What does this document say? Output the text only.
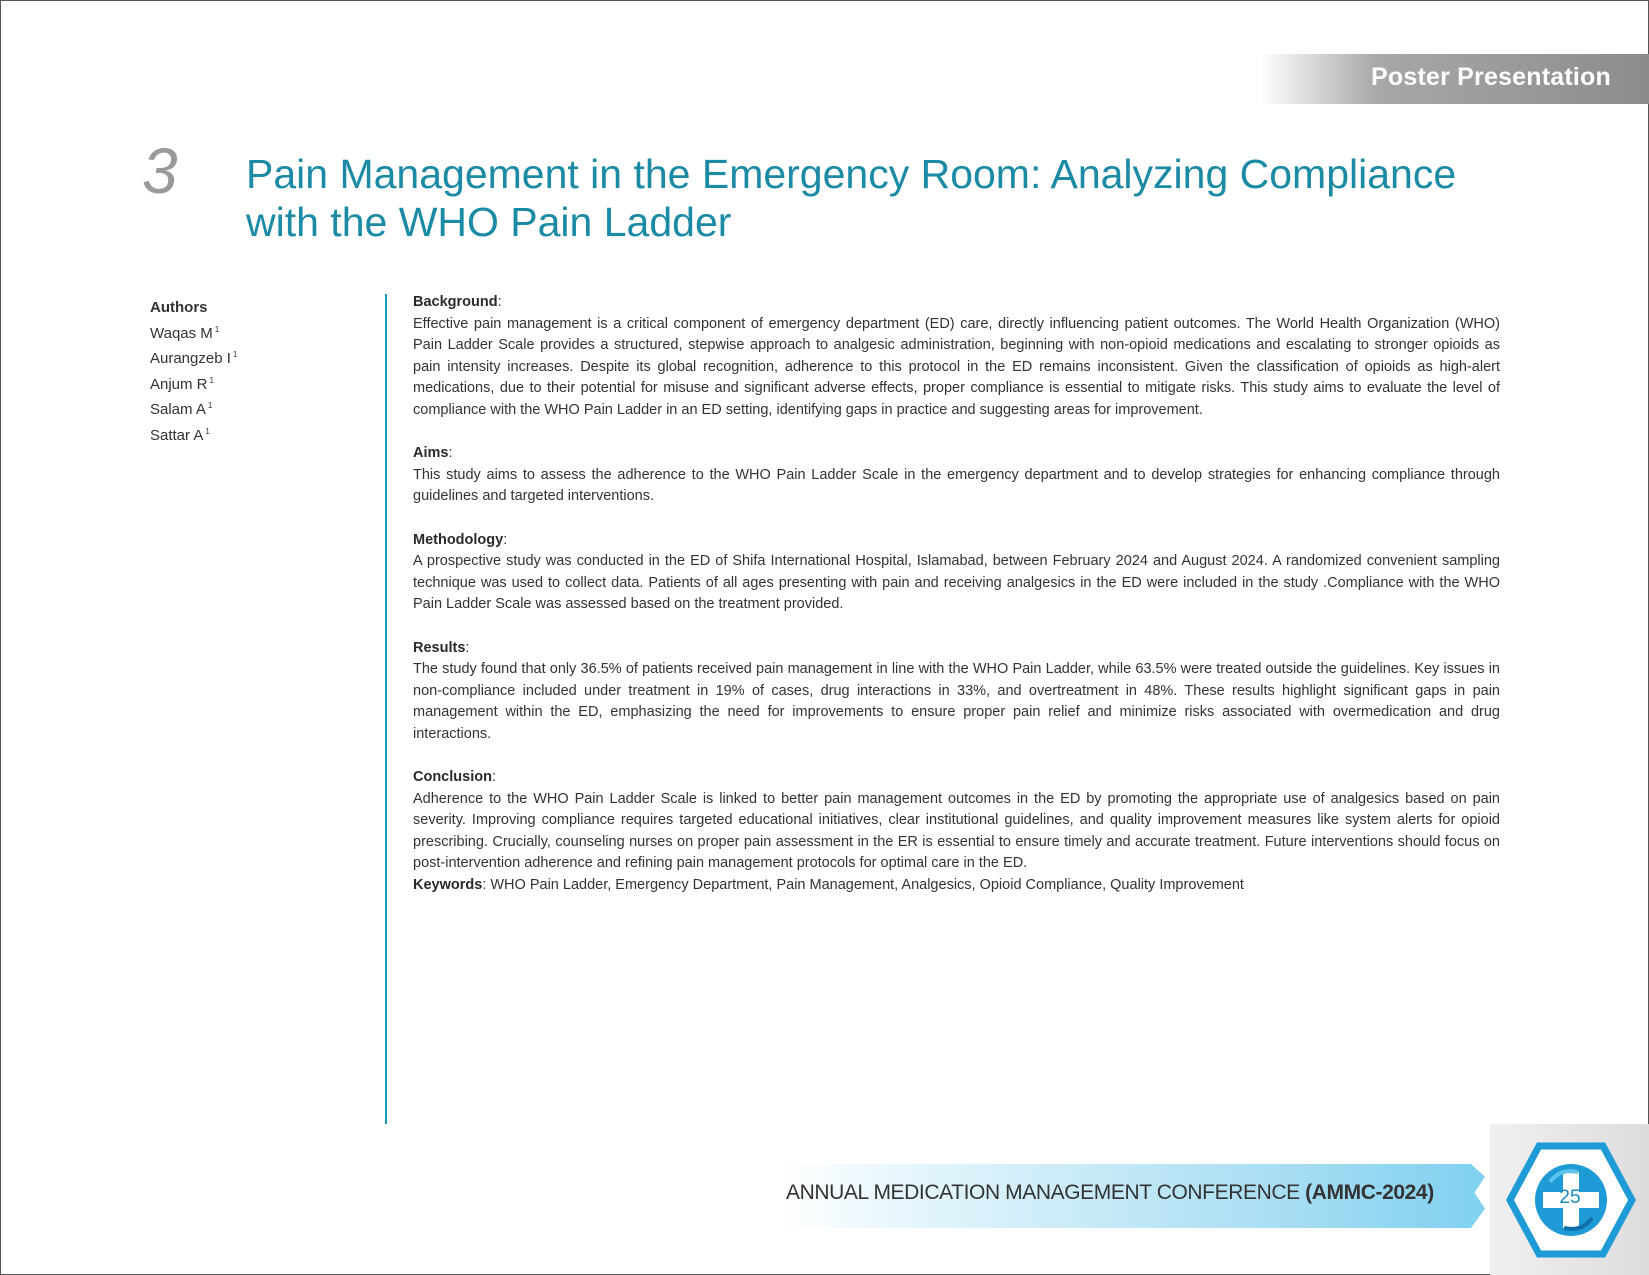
Poster Presentation
3 Pain Management in the Emergency Room: Analyzing Compliance with the WHO Pain Ladder
Authors
Waqas M $^1$
Aurangzeb I $^1$
Anjum R $^1$
Salam A $^1$
Sattar A $^1$
Background:

Effective pain management is a critical component of emergency department (ED) care, directly influencing patient outcomes. The World Health Organization (WHO) Pain Ladder Scale provides a structured, stepwise approach to analgesic administration, beginning with non-opioid medications and escalating to stronger opioids as pain intensity increases. Despite its global recognition, adherence to this protocol in the ED remains inconsistent. Given the classification of opioids as high-alert medications, due to their potential for misuse and significant adverse effects, proper compliance is essential to mitigate risks. This study aims to evaluate the level of compliance with the WHO Pain Ladder in an ED setting, identifying gaps in practice and suggesting areas for improvement.

Aims:

This study aims to assess the adherence to the WHO Pain Ladder Scale in the emergency department and to develop strategies for enhancing compliance through guidelines and targeted interventions.

Methodology:

A prospective study was conducted in the ED of Shifa International Hospital, Islamabad, between February 2024 and August 2024. A randomized convenient sampling technique was used to collect data. Patients of all ages presenting with pain and receiving analgesics in the ED were included in the study .Compliance with the WHO Pain Ladder Scale was assessed based on the treatment provided.

Results:

The study found that only 36.5% of patients received pain management in line with the WHO Pain Ladder, while 63.5% were treated outside the guidelines. Key issues in non-compliance included under treatment in 19% of cases, drug interactions in 33%, and overtreatment in 48%. These results highlight significant gaps in pain management within the ED, emphasizing the need for improvements to ensure proper pain relief and minimize risks associated with overmedication and drug interactions.

Conclusion:

Adherence to the WHO Pain Ladder Scale is linked to better pain management outcomes in the ED by promoting the appropriate use of analgesics based on pain severity. Improving compliance requires targeted educational initiatives, clear institutional guidelines, and quality improvement measures like system alerts for opioid prescribing. Crucially, counseling nurses on proper pain assessment in the ER is essential to ensure timely and accurate treatment. Future interventions should focus on post-intervention adherence and refining pain management protocols for optimal care in the ED.

Keywords: WHO Pain Ladder, Emergency Department, Pain Management, Analgesics, Opioid Compliance, Quality Improvement

ANNUAL MEDICATION MANAGEMENT CONFERENCE (AMMC-2024)	25
